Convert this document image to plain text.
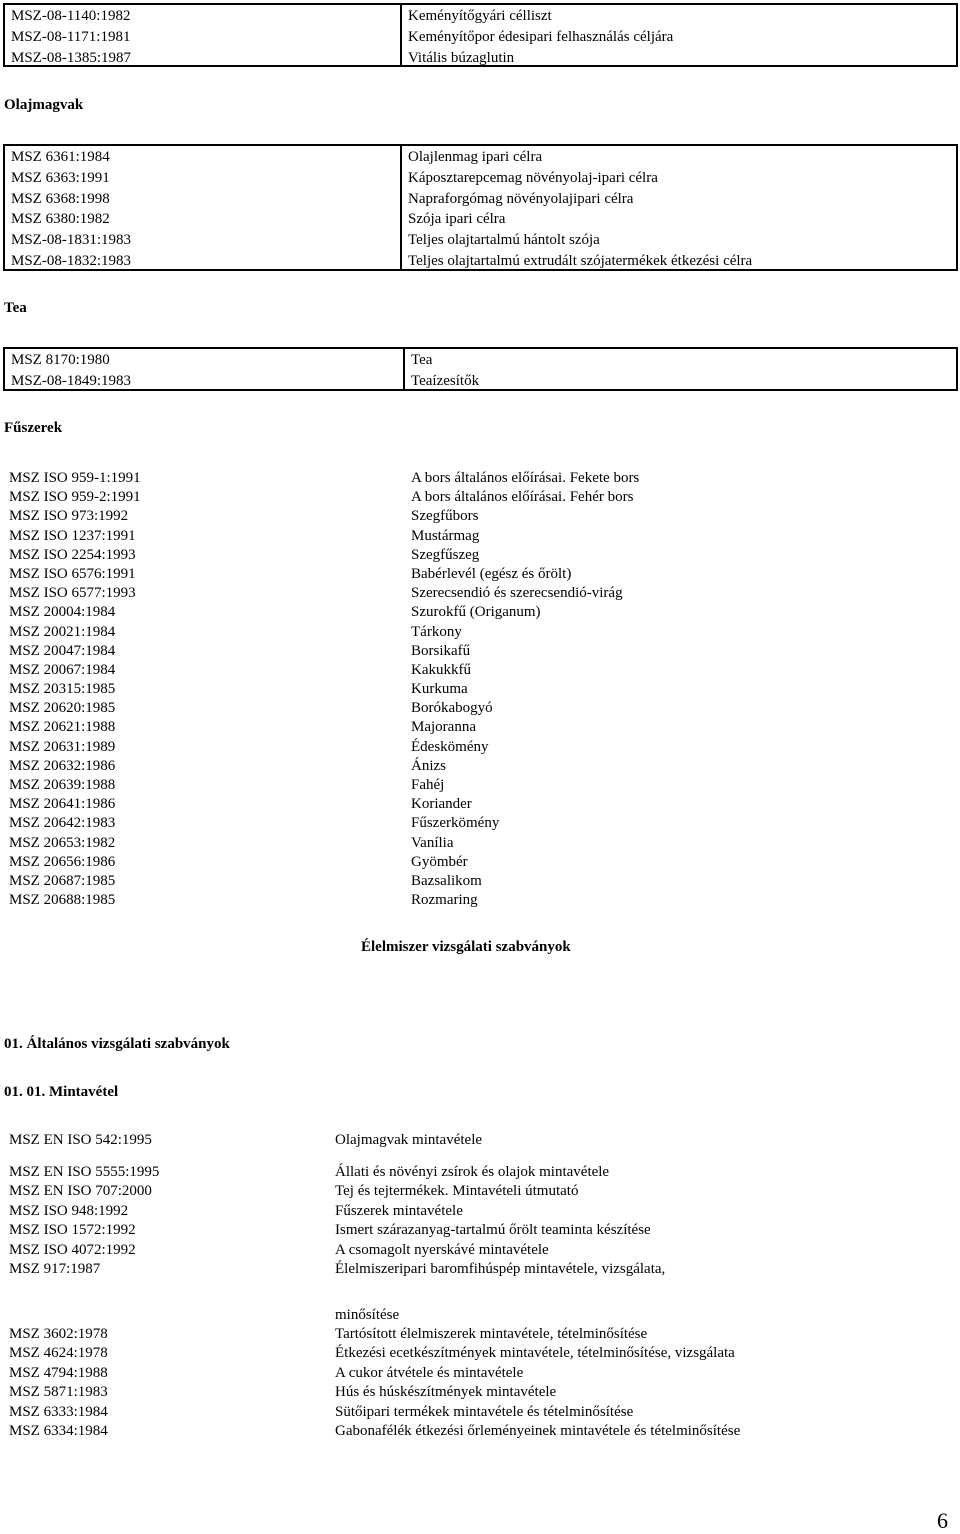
MSZ-08-1140:1982
MSZ-08-1171:1981
MSZ-08-1385:1987
Keményítőgyári célliszt
Keményítőpor édesipari felhasználás céljára
Vitális búzaglutin
Olajmagvak
MSZ 6361:1984
MSZ 6363:1991
MSZ 6368:1998
MSZ 6380:1982
MSZ-08-1831:1983
MSZ-08-1832:1983
Olajlenmag ipari célra
Káposztarepcemag növényolaj-ipari célra
Napraforgómag növényolajipari célra
Szója ipari célra
Teljes olajtartalmú hántolt szója
Teljes olajtartalmú extrudált szójatermékek étkezési célra
Tea
MSZ 8170:1980
MSZ-08-1849:1983
Tea
Teaízesítők
Fűszerek
MSZ ISO 959-1:1991
MSZ ISO 959-2:1991
MSZ ISO 973:1992
MSZ ISO 1237:1991
MSZ ISO 2254:1993
MSZ ISO 6576:1991
MSZ ISO 6577:1993
MSZ 20004:1984
MSZ 20021:1984
MSZ 20047:1984
MSZ 20067:1984
MSZ 20315:1985
MSZ 20620:1985
MSZ 20621:1988
MSZ 20631:1989
MSZ 20632:1986
MSZ 20639:1988
MSZ 20641:1986
MSZ 20642:1983
MSZ 20653:1982
MSZ 20656:1986
MSZ 20687:1985
MSZ 20688:1985
A bors általános előírásai. Fekete bors
A bors általános előírásai. Fehér bors
Szegfűbors
Mustármag
Szegfűszeg
Babérlevél (egész és őrölt)
Szerecsendió és szerecsendió-virág
Szurokfű (Origanum)
Tárkony
Borsikafű
Kakukkfű
Kurkuma
Borókabogyó
Majoranna
Édeskömény
Ánizs
Fahéj
Koriander
Fűszerkömény
Vanília
Gyömbér
Bazsalikom
Rozmaring
Élelmiszer vizsgálati szabványok
01. Általános vizsgálati szabványok
01. 01. Mintavétel
MSZ EN ISO 542:1995	Olajmagvak mintavétele
MSZ EN ISO 5555:1995
MSZ EN ISO 707:2000
MSZ ISO 948:1992
MSZ ISO 1572:1992
MSZ ISO 4072:1992
MSZ 917:1987
Állati és növényi zsírok és olajok mintavétele
Tej és tejtermékek. Mintavételi útmutató
Fűszerek mintavétele
Ismert szárazanyag-tartalmú őrölt teaminta készítése
A csomagolt nyerskávé mintavétele
Élelmiszeripari baromfihúspép mintavétele, vizsgálata,
minősítése
MSZ 3602:1978
MSZ 4624:1978
MSZ 4794:1988
MSZ 5871:1983
MSZ 6333:1984
MSZ 6334:1984
Tartósított élelmiszerek mintavétele, tételminősítése
Étkezési ecetkészítmények mintavétele, tételminősítése, vizsgálata
A cukor átvétele és mintavétele
Hús és húskészítmények mintavétele
Sütőipari termékek mintavétele és tételminősítése
Gabonafélék étkezési őrleményeinek mintavétele és tételminősítése
6
